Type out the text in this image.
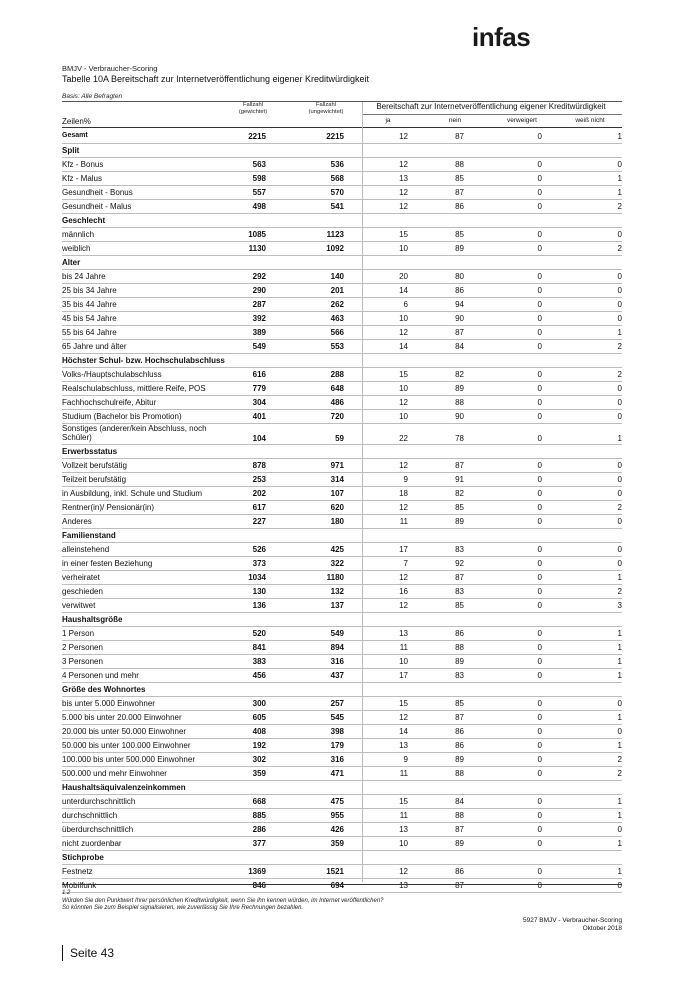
infas
BMJV - Verbraucher-Scoring
Tabelle 10A Bereitschaft zur Internetveröffentlichung eigener Kreditwürdigkeit
Basis: Alle Befragten
Fallzahl
(gewichtet)
Fallzahl
(ungewichtet)
Bereitschaft zur Internetveröffentlichung eigener Kreditwürdigkeit
ja	nein	verweigert	weiß nicht
Zeilen%
Gesamt	2215	2215	12	87	0	1
Split
Kfz - Bonus	563	536	12	88	0	0
Kfz - Malus	598	568	13	85	0	1
Gesundheit - Bonus	557	570	12	87	0	1
Gesundheit - Malus	498	541	12	86	0	2
Geschlecht
männlich	1085	1123	15	85	0	0
weiblich	1130	1092	10	89	0	2
Alter
bis 24 Jahre	292	140	20	80	0	0
25 bis 34 Jahre	290	201	14	86	0	0
35 bis 44 Jahre	287	262	6	94	0	0
45 bis 54 Jahre	392	463	10	90	0	0
55 bis 64 Jahre	389	566	12	87	0	1
65 Jahre und älter	549	553	14	84	0	2
Höchster Schul- bzw. Hochschulabschluss
Volks-/Hauptschulabschluss	616	288	15	82	0	2
Realschulabschluss, mittlere Reife, POS	779	648	10	89	0	0
Fachhochschulreife, Abitur	304	486	12	88	0	0
Studium (Bachelor bis Promotion)	401	720	10	90	0	0
Sonstiges (anderer/kein Abschluss, noch Schüler)	104	59	22	78	0	1
Erwerbsstatus
Vollzeit berufstätig	878	971	12	87	0	0
Teilzeit berufstätig	253	314	9	91	0	0
in Ausbildung, inkl. Schule und Studium	202	107	18	82	0	0
Rentner(in)/ Pensionär(in)	617	620	12	85	0	2
Anderes	227	180	11	89	0	0
Familienstand
alleinstehend	526	425	17	83	0	0
in einer festen Beziehung	373	322	7	92	0	0
verheiratet	1034	1180	12	87	0	1
geschieden	130	132	16	83	0	2
verwitwet	136	137	12	85	0	3
Haushaltsgröße
1 Person	520	549	13	86	0	1
2 Personen	841	894	11	88	0	1
3 Personen	383	316	10	89	0	1
4 Personen und mehr	456	437	17	83	0	1
Größe des Wohnortes
bis unter 5.000 Einwohner	300	257	15	85	0	0
5.000 bis unter 20.000 Einwohner	605	545	12	87	0	1
20.000 bis unter 50.000 Einwohner	408	398	14	86	0	0
50.000 bis unter 100.000 Einwohner	192	179	13	86	0	1
100.000 bis unter 500.000 Einwohner	302	316	9	89	0	2
500.000 und mehr Einwohner	359	471	11	88	0	2
Haushaltsäquivalenzeinkommen
unterdurchschnittlich	668	475	15	84	0	1
durchschnittlich	885	955	11	88	0	1
überdurchschnittlich	286	426	13	87	0	0
nicht zuordenbar	377	359	10	89	0	1
Stichprobe
Festnetz	1369	1521	12	86	0	1
Mobilfunk	846	694	13	87	0	0
1.2
Würden Sie den Punktwert Ihrer persönlichen Kreditwürdigkeit, wenn Sie ihn kennen würden, im Internet veröffentlichen?
So könnten Sie zum Beispiel signalisieren, wie zuverlässig Sie Ihre Rechnungen bezahlen.
5927 BMJV - Verbraucher-Scoring
Oktober 2018
Seite 43
